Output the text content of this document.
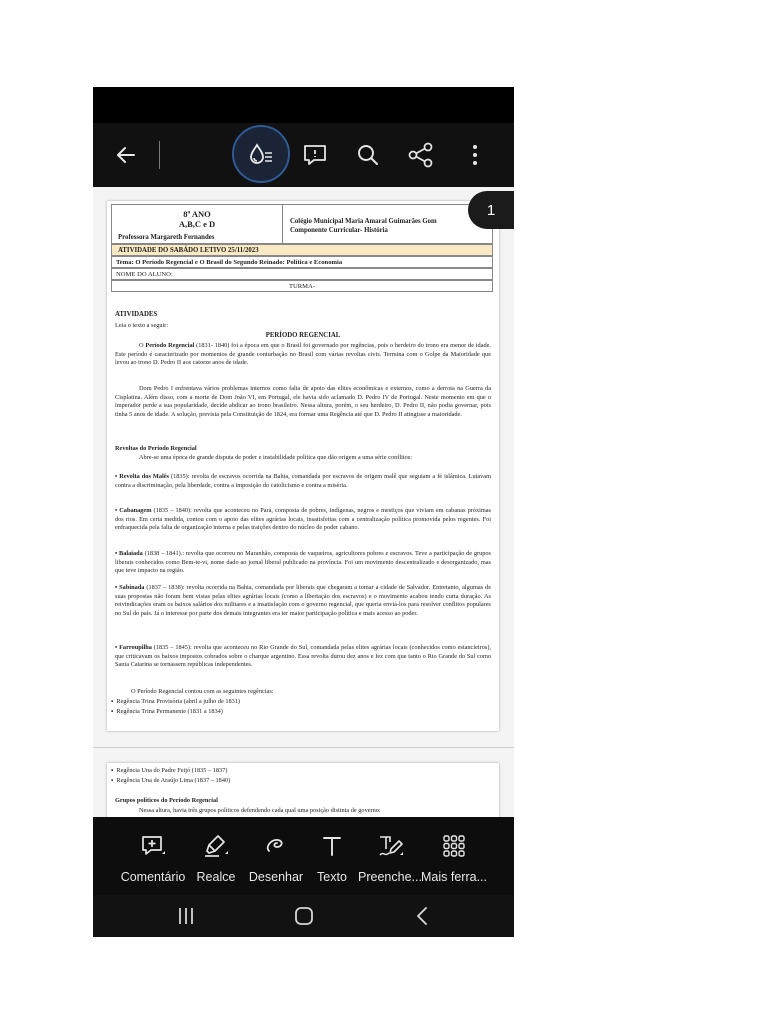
8º ANO
A,B,C e D
Professora Margareth Fernandes
Colégio Municipal Maria Amaral Guimarães Gom
Componente Curricular- História
ATIVIDADE DO SABÁDO LETIVO 25/11/2023
Tema: O Período Regencial e O Brasil do Segundo Reinado: Política e Economia
NOME DO ALUNO:
TURMA-
ATIVIDADES
Leia o texto a seguir:
PERÍODO REGENCIAL

O Período Regencial (1831- 1840) foi a época em que o Brasil foi governado por regências, pois o herdeiro do trono era menor de idade. Este período é caracterizado por momentos de grande conturbação no Brasil com várias revoltas civis. Termina com o Golpe da Maioridade que levou ao trono D. Pedro II aos catorze anos de idade.

Dom Pedro I enfrentava vários problemas internos como falta de apoio das elites econômicas e externos, como a derrota na Guerra da Cisplatina. Além disso, com a morte de Dom João VI, em Portugal, ele havia sido aclamado D. Pedro IV de Portugal. Neste momento em que o imperador perde a sua popularidade, decide abdicar ao trono brasileiro. Nessa altura, porém, o seu herdeiro, D. Pedro II, não podia governar, pois tinha 5 anos de idade. A solução, prevista pela Constituição de 1824, era formar uma Regência até que D. Pedro II atingisse a maioridade.

Revoltas do Período Regencial

Abre-se uma época de grande disputa de poder e instabilidade política que dão origem a uma série conflitos:

• Revolta dos Malês (1835): revolta de escravos ocorrida na Bahia, comandada por escravos de origem malê que seguiam a fé islâmica. Lutavam contra a discriminação, pela liberdade, contra a imposição do catolicismo e contra a miséria.

• Cabanagem (1835 – 1840): revolta que aconteceu no Pará, composta de pobres, indígenas, negros e mestiços que viviam em cabanas próximas dos rios. Em certa medida, contou com o apoio das elites agrárias locais, insatisfeitas com a centralização política promovida pelos regentes. Foi enfraquecida pela falta de organização interna e pelas traições dentro do núcleo de poder cabano.

• Balaiada (1838 – 1841).: revolta que ocorreu no Maranhão, composta de vaqueiros, agricultores pobres e escravos. Teve a participação de grupos liberais conhecidos como Bem-te-vi, nome dado ao jornal liberal publicado na província. Foi um movimento descentralizado e desorganizado, mas que teve impacto na região.

• Sabinada (1837 – 1838): revolta ocorrida na Bahia, comandada por liberais que chegaram a tomar a cidade de Salvador. Entretanto, algumas de suas propostas não foram bem vistas pelas elites agrárias locais (como a libertação dos escravos) e o movimento acabou tendo curta duração. As reivindicações eram os baixos salários dos militares e a insatisfação com o governo regencial, que queria enviá-los para resolver conflitos populares no Sul do país. Já o interesse por parte dos demais integrantes era ter maior participação política e mais acesso ao poder.

• Farroupilha (1835 – 1845): revolta que aconteceu no Rio Grande do Sul, comandada pelas elites agrárias locais (conhecidos como estancieiros), que criticavam os baixos impostos cobrados sobre o charque argentino. Essa revolta durou dez anos e fez com que tanto o Rio Grande do Sul como Santa Catarina se tornassem repúblicas independentes.

O Período Regencial contou com as seguintes regências:
▪  Regência Trina Provisória (abril a julho de 1831)
▪  Regência Trina Permanente (1831 a 1834)
▪  Regência Una do Padre Feijó (1835 – 1837)
▪  Regência Una de Araújo Lima (1837 – 1840)
Grupos políticos do Período Regencial
Nessa altura, havia três grupos políticos defendendo cada qual uma posição distinta de governo:
1
Comentário Realce	Desenhar	Texto Preenche... Mais ferra...
